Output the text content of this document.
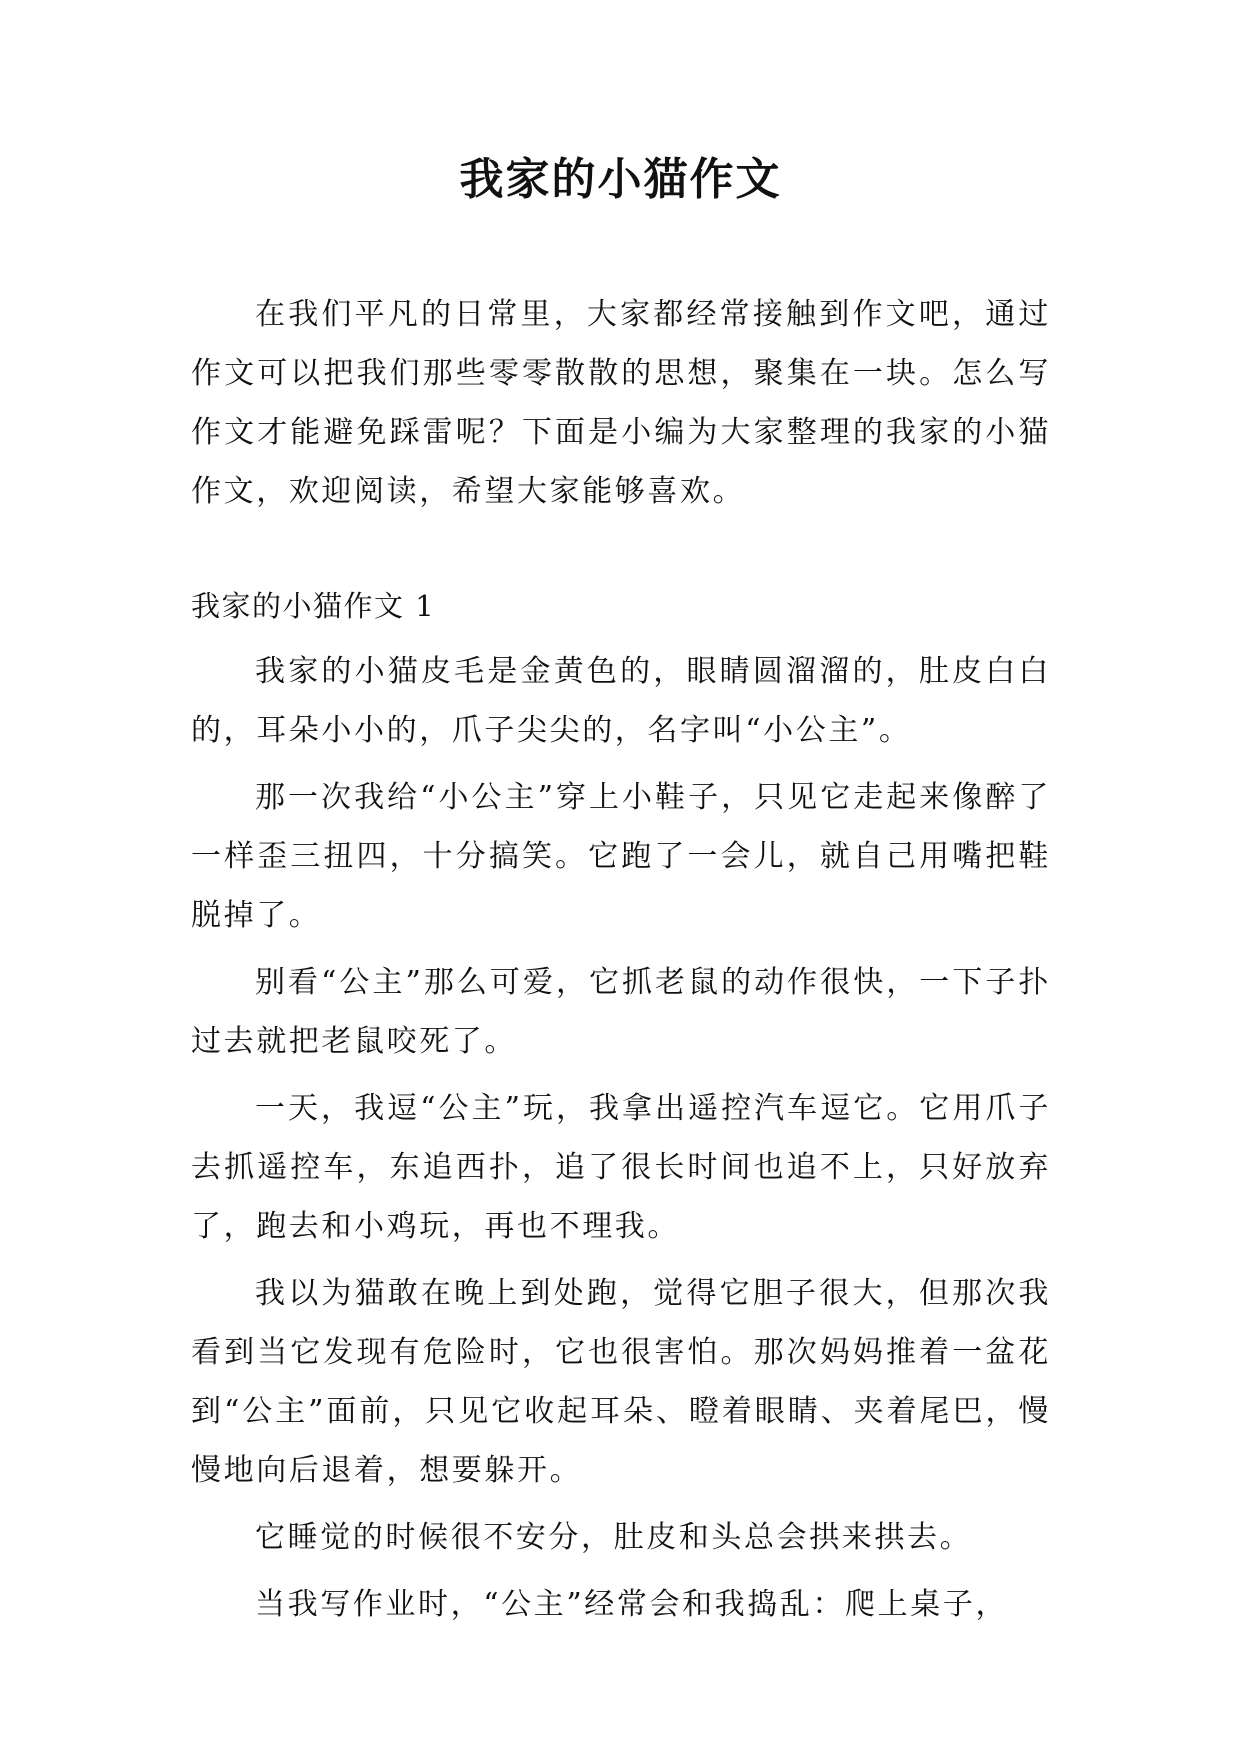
我家的小猫作文

在我们平凡的日常里，大家都经常接触到作文吧，通过作文可以把我们那些零零散散的思想，聚集在一块。怎么写作文才能避免踩雷呢？下面是小编为大家整理的我家的小猫作文，欢迎阅读，希望大家能够喜欢。

我家的小猫作文 1

我家的小猫皮毛是金黄色的，眼睛圆溜溜的，肚皮白白的，耳朵小小的，爪子尖尖的，名字叫“小公主”。

那一次我给“小公主”穿上小鞋子，只见它走起来像醉了一样歪三扭四，十分搞笑。它跑了一会儿，就自己用嘴把鞋脱掉了。

别看“公主”那么可爱，它抓老鼠的动作很快，一下子扑过去就把老鼠咬死了。

一天，我逗“公主”玩，我拿出遥控汽车逗它。它用爪子去抓遥控车，东追西扑，追了很长时间也追不上，只好放弃了，跑去和小鸡玩，再也不理我。

我以为猫敢在晚上到处跑，觉得它胆子很大，但那次我看到当它发现有危险时，它也很害怕。那次妈妈推着一盆花到“公主”面前，只见它收起耳朵、瞪着眼睛、夹着尾巴，慢慢地向后退着，想要躲开。

它睡觉的时候很不安分，肚皮和头总会拱来拱去。

当我写作业时，“公主”经常会和我捣乱：爬上桌子，
